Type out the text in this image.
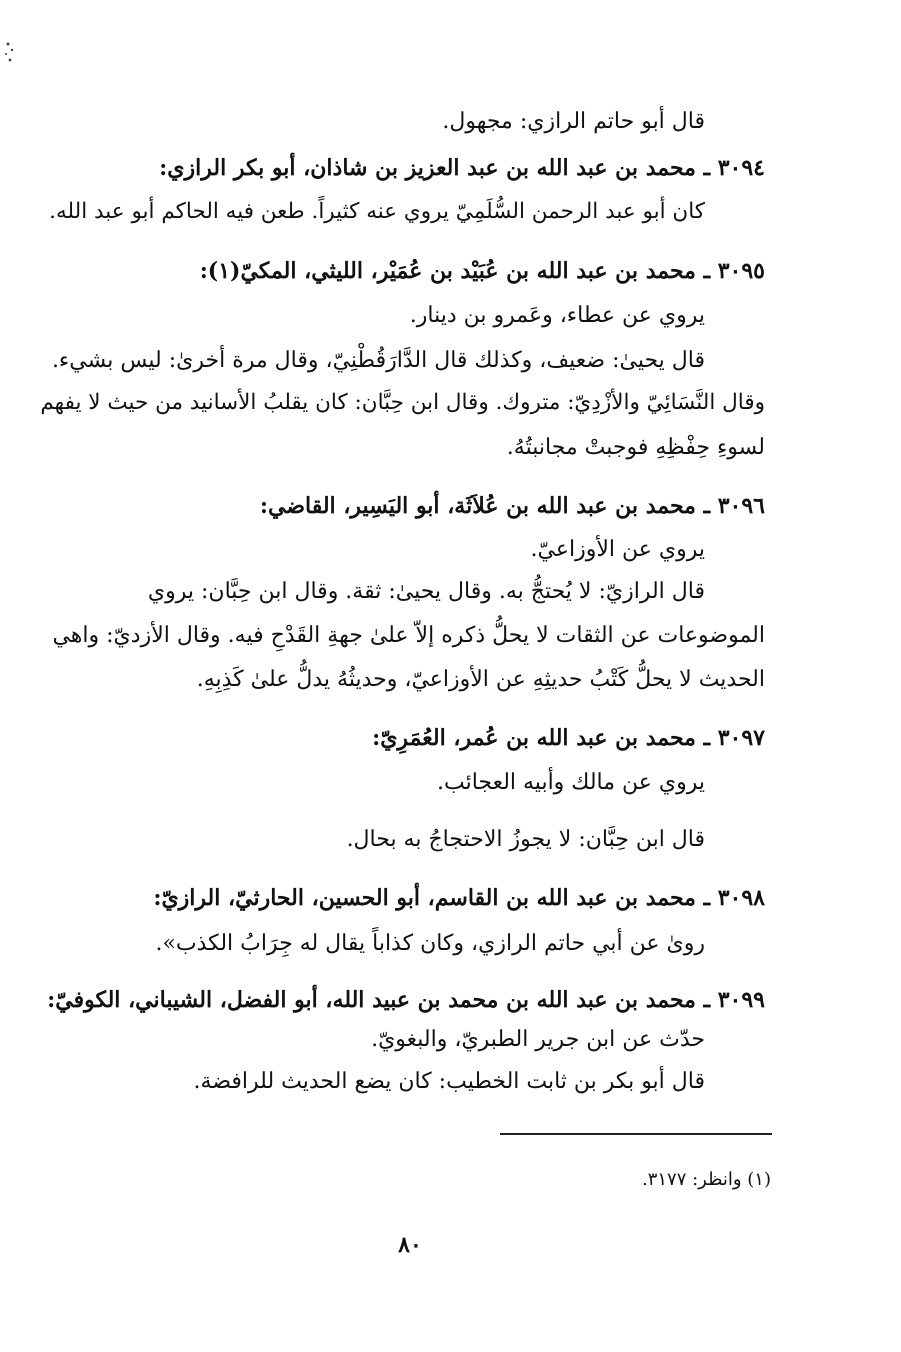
قال أبو حاتم الرازي: مجهول.
٣٠٩٤ ـ محمد بن عبد الله بن عبد العزيز بن شاذان، أبو بكر الرازي:
كان أبو عبد الرحمن السُّلَمِيّ يروي عنه كثيراً. طعن فيه الحاكم أبو عبد الله.
٣٠٩٥ ـ محمد بن عبد الله بن عُبَيْد بن عُمَيْر، الليثي، المكيّ(١):
يروي عن عطاء، وعَمرو بن دينار.
قال يحيىٰ: ضعيف، وكذلك قال الدَّارَقُطْنِيّ، وقال مرة أخرىٰ: ليس بشيء.
وقال النَّسَائِيّ والأزْدِيّ: متروك. وقال ابن حِبَّان: كان يقلبُ الأسانيد من حيث لا يفهم
لسوءِ حِفْظِهِ فوجبتْ مجانبتُهُ.
٣٠٩٦ ـ محمد بن عبد الله بن عُلاَثَة، أبو اليَسِير، القاضي:
يروي عن الأوزاعيّ.
قال الرازيّ: لا يُحتجُّ به. وقال يحيىٰ: ثقة. وقال ابن حِبَّان: يروي
الموضوعات عن الثقات لا يحلُّ ذكره إلاّ علىٰ جهةِ القَدْحِ فيه. وقال الأزديّ: واهي
الحديث لا يحلُّ كَتْبُ حديثِهِ عن الأوزاعيّ، وحديثُهُ يدلُّ علىٰ كَذِبِهِ.
٣٠٩٧ ـ محمد بن عبد الله بن عُمر، العُمَرِيّ:
يروي عن مالك وأبيه العجائب.
قال ابن حِبَّان: لا يجوزُ الاحتجاجُ به بحال.
٣٠٩٨ ـ محمد بن عبد الله بن القاسم، أبو الحسين، الحارثيّ، الرازيّ:
روىٰ عن أبي حاتم الرازي، وكان كذاباً يقال له جِرَابُ الكذب».
٣٠٩٩ ـ محمد بن عبد الله بن محمد بن عبيد الله، أبو الفضل، الشيباني، الكوفيّ:
حدّث عن ابن جرير الطبريّ، والبغويّ.
قال أبو بكر بن ثابت الخطيب: كان يضع الحديث للرافضة.
(١) وانظر: ٣١٧٧.
٨٠
